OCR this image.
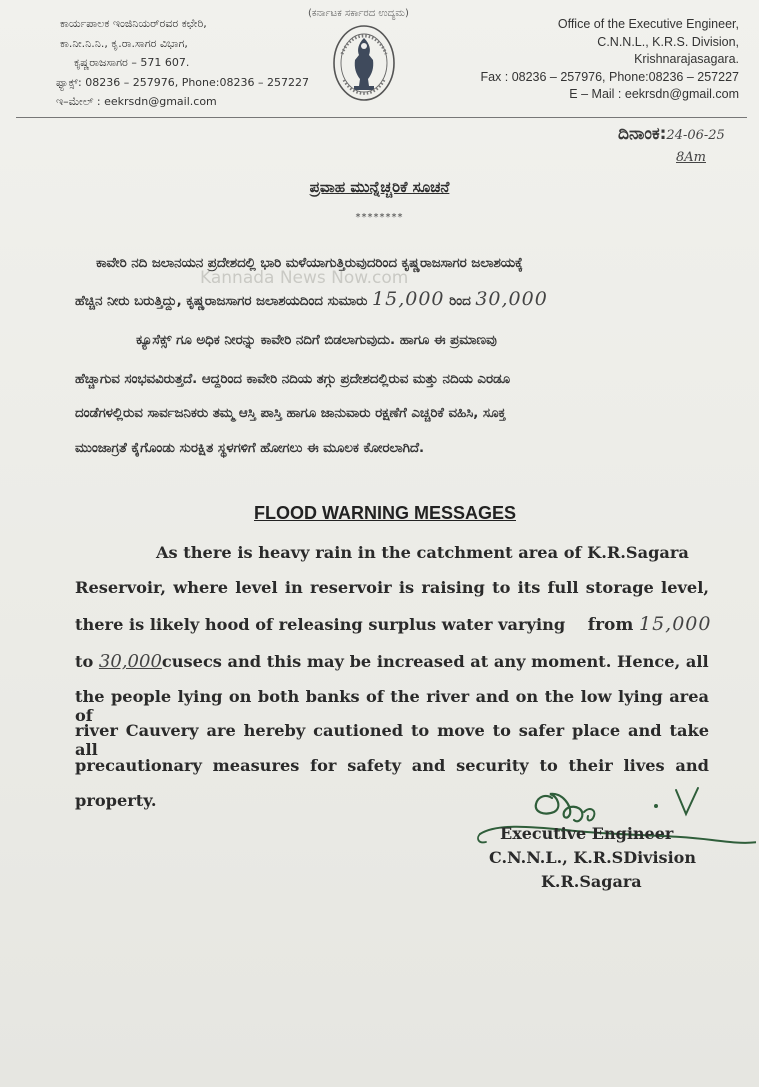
ಕಾರ್ಯಪಾಲಕ ಇಂಜಿನಿಯರ್‌ರವರ ಕಛೇರಿ,
ಕಾ.ನೀ.ನಿ.ನಿ., ಕೃ.ರಾ.ಸಾಗರ ವಿಭಾಗ,
ಕೃಷ್ಣರಾಜಸಾಗರ – 571 607.
ಫ್ಯಾಕ್ಸ್: 08236 – 257976, Phone:08236 – 257227
ಇ–ಮೇಲ್ : eekrsdn@gmail.com
(ಕರ್ನಾಟಕ ಸರ್ಕಾರದ ಉದ್ಯಮ)
Office of the Executive Engineer,
C.N.N.L., K.R.S. Division,
Krishnarajasagara.
Fax : 08236 – 257976, Phone:08236 – 257227
E – Mail : eekrsdn@gmail.com
ದಿನಾಂಕ:24-06-25
8Am
ಪ್ರವಾಹ ಮುನ್ನೆಚ್ಚರಿಕೆ ಸೂಚನೆ
********
Kannada News Now.com
ಕಾವೇರಿ ನದಿ ಜಲಾನಯನ ಪ್ರದೇಶದಲ್ಲಿ ಭಾರಿ ಮಳೆಯಾಗುತ್ತಿರುವುದರಿಂದ ಕೃಷ್ಣರಾಜಸಾಗರ ಜಲಾಶಯಕ್ಕೆ
ಹೆಚ್ಚಿನ ನೀರು ಬರುತ್ತಿದ್ದು, ಕೃಷ್ಣರಾಜಸಾಗರ ಜಲಾಶಯದಿಂದ ಸುಮಾರು 15,000 ರಿಂದ 30,000
ಕ್ಯೂಸೆಕ್ಸ್ ಗೂ ಅಧಿಕ ನೀರನ್ನು ಕಾವೇರಿ ನದಿಗೆ ಬಿಡಲಾಗುವುದು. ಹಾಗೂ ಈ ಪ್ರಮಾಣವು
ಹೆಚ್ಚಾಗುವ ಸಂಭವವಿರುತ್ತದೆ. ಆದ್ದರಿಂದ ಕಾವೇರಿ ನದಿಯ ತಗ್ಗು ಪ್ರದೇಶದಲ್ಲಿರುವ ಮತ್ತು ನದಿಯ ಎರಡೂ
ದಂಡೆಗಳಲ್ಲಿರುವ ಸಾರ್ವಜನಿಕರು ತಮ್ಮ ಆಸ್ತಿ ಪಾಸ್ತಿ ಹಾಗೂ ಜಾನುವಾರು ರಕ್ಷಣೆಗೆ ಎಚ್ಚರಿಕೆ ವಹಿಸಿ, ಸೂಕ್ತ
ಮುಂಜಾಗ್ರತೆ ಕೈಗೊಂಡು ಸುರಕ್ಷಿತ ಸ್ಥಳಗಳಿಗೆ ಹೋಗಲು ಈ ಮೂಲಕ ಕೋರಲಾಗಿದೆ.
FLOOD WARNING MESSAGES
As there is heavy rain in the catchment area of K.R.Sagara
Reservoir, where level in reservoir is raising to its full storage level,
there is likely hood of releasing surplus water varying from 15,000
to 30,000cusecs and this may be increased at any moment. Hence, all
the people lying on both banks of the river and on the low lying area of
river Cauvery are hereby cautioned to move to safer place and take all
precautionary measures for safety and security to their lives and
property.
Executive Engineer
C.N.N.L., K.R.SDivision
K.R.Sagara
